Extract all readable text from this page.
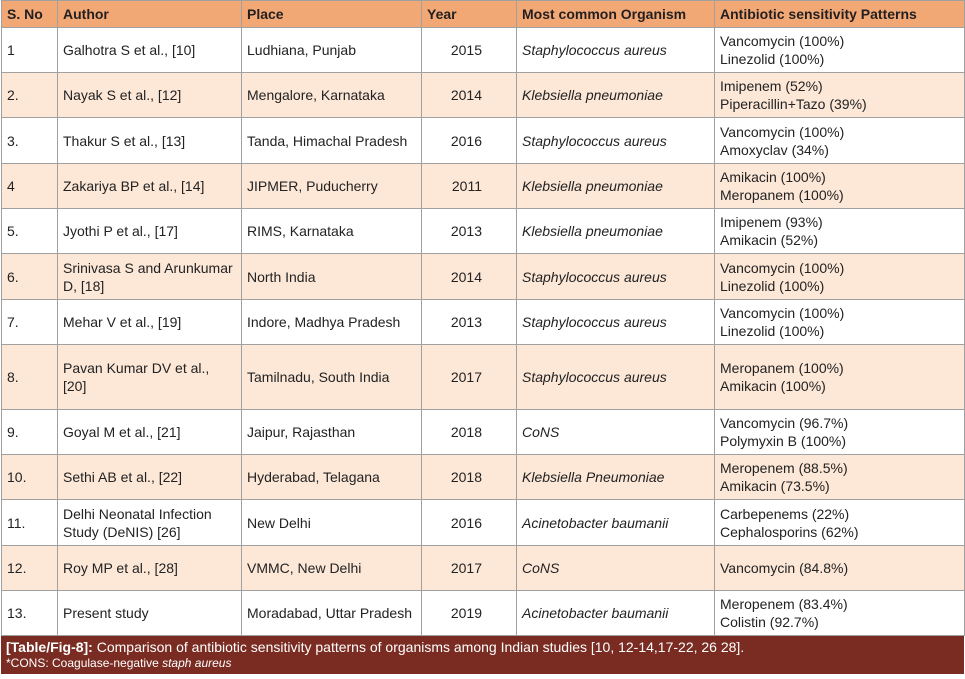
S. No	Author	Place	Year	Most common Organism	Antibiotic sensitivity Patterns
1	Galhotra S et al., [10]	Ludhiana, Punjab	2015	Staphylococcus aureus	Vancomycin (100%)
Linezolid (100%)

2.	Nayak S et al., [12]	Mengalore, Karnataka	2014	Klebsiella pneumoniae	Imipenem (52%)
Piperacillin+Tazo (39%)

3.	Thakur S et al., [13]	Tanda, Himachal Pradesh	2016	Staphylococcus aureus	Vancomycin (100%)
Amoxyclav (34%)

4	Zakariya BP et al., [14]	JIPMER, Puducherry	2011	Klebsiella pneumoniae	Amikacin (100%)
Meropanem (100%)

5.	Jyothi P et al., [17]	RIMS, Karnataka	2013	Klebsiella pneumoniae	Imipenem (93%)
Amikacin (52%)

6.	Srinivasa S and Arunkumar D, [18]	North India	2014	Staphylococcus aureus	Vancomycin (100%)
Linezolid (100%)

7.	Mehar V et al., [19]	Indore, Madhya Pradesh	2013	Staphylococcus aureus	Vancomycin (100%)
Linezolid (100%)

8.	Pavan Kumar DV et al., [20]	Tamilnadu, South India	2017	Staphylococcus aureus	Meropanem (100%)
Amikacin (100%)

9.	Goyal M et al., [21]	Jaipur, Rajasthan	2018	CoNS	Vancomycin (96.7%)
Polymyxin B (100%)

10.	Sethi AB et al., [22]	Hyderabad, Telagana	2018	Klebsiella Pneumoniae	Meropenem (88.5%)
Amikacin (73.5%)

11.	Delhi Neonatal Infection Study (DeNIS) [26]	New Delhi	2016	Acinetobacter baumanii	Carbepenems (22%)
Cephalosporins (62%)

12.	Roy MP et al., [28]	VMMC, New Delhi	2017	CoNS	Vancomycin (84.8%)

13.	Present study	Moradabad, Uttar Pradesh	2019	Acinetobacter baumanii	Meropenem (83.4%)
Colistin (92.7%)
[Table/Fig-8]: Comparison of antibiotic sensitivity patterns of organisms among Indian studies [10, 12-14,17-22, 26 28].
*CONS: Coagulase-negative staph aureus
